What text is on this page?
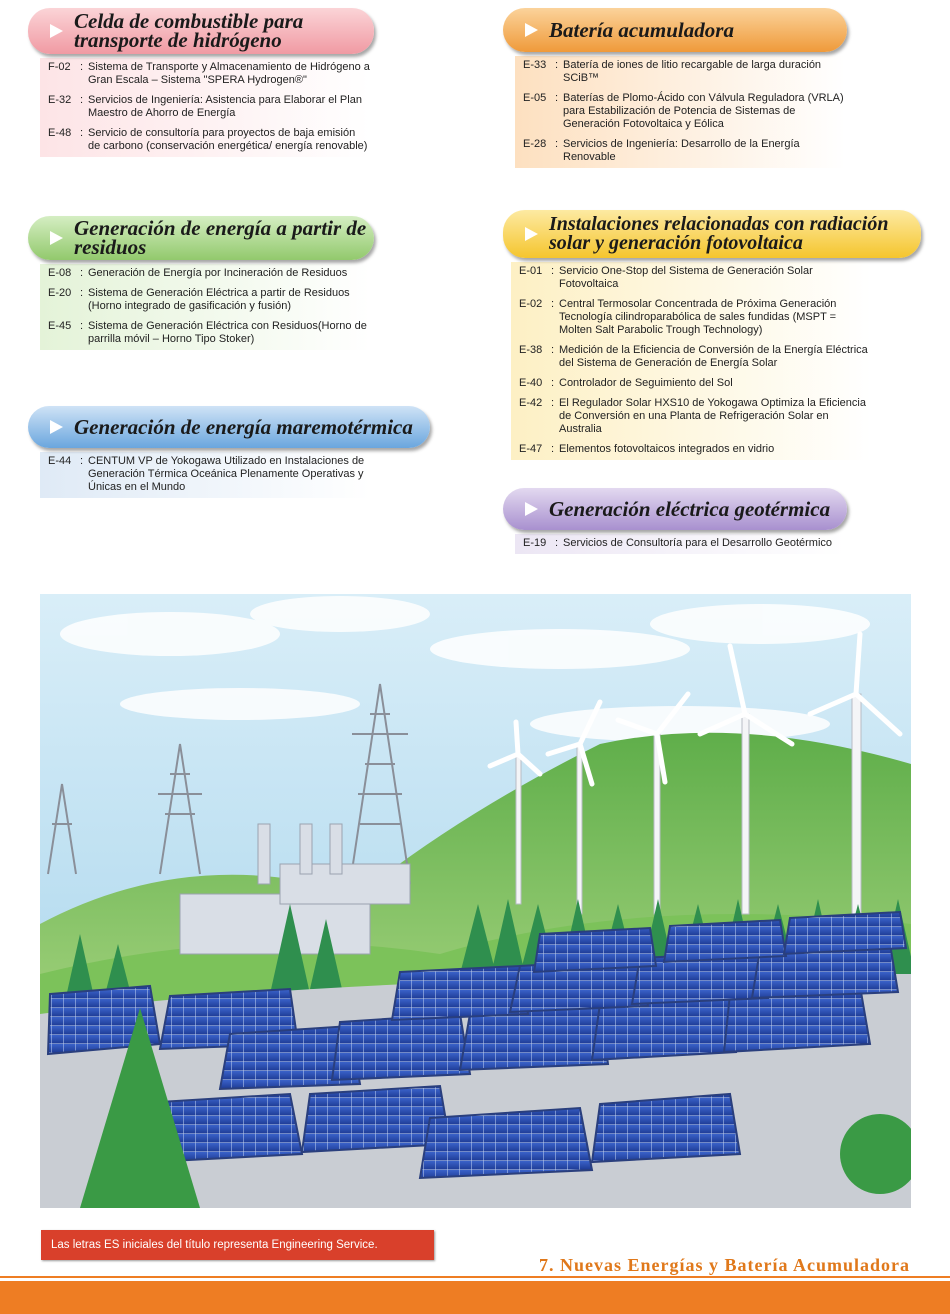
Celda de combustible para transporte de hidrógeno
F-02 : Sistema de Transporte y Almacenamiento de Hidrógeno a Gran Escala – Sistema "SPERA Hydrogen®"
E-32 : Servicios de Ingeniería: Asistencia para Elaborar el Plan Maestro de Ahorro de Energía
E-48 : Servicio de consultoría para proyectos de baja emisión de carbono (conservación energética/ energía renovable)
Generación de energía a partir de residuos
E-08 : Generación de Energía por Incineración de Residuos
E-20 : Sistema de Generación Eléctrica a partir de Residuos (Horno integrado de gasificación y fusión)
E-45 : Sistema de Generación Eléctrica con Residuos(Horno de parrilla móvil – Horno Tipo Stoker)
Generación de energía maremotérmica
E-44 : CENTUM VP de Yokogawa Utilizado en Instalaciones de Generación Térmica Oceánica Plenamente Operativas y Únicas en el Mundo
Batería acumuladora
E-33 : Batería de iones de litio recargable de larga duración SCiB™
E-05 : Baterías de Plomo-Ácido con Válvula Reguladora (VRLA) para Estabilización de Potencia de Sistemas de Generación Fotovoltaica y Eólica
E-28 : Servicios de Ingeniería: Desarrollo de la Energía Renovable
Instalaciones relacionadas con radiación solar y generación fotovoltaica
E-01 : Servicio One-Stop del Sistema de Generación Solar Fotovoltaica
E-02 : Central Termosolar Concentrada de Próxima Generación Tecnología cilindroparabólica de sales fundidas (MSPT = Molten Salt Parabolic Trough Technology)
E-38 : Medición de la Eficiencia de Conversión de la Energía Eléctrica del Sistema de Generación de Energía Solar
E-40 : Controlador de Seguimiento del Sol
E-42 : El Regulador Solar HXS10 de Yokogawa Optimiza la Eficiencia de Conversión en una Planta de Refrigeración Solar en Australia
E-47 : Elementos fotovoltaicos integrados en vidrio
Generación eléctrica geotérmica
E-19 : Servicios de Consultoría para el Desarrollo Geotérmico
Las letras ES iniciales del título representa Engineering Service.
7. Nuevas Energías y Batería Acumuladora
